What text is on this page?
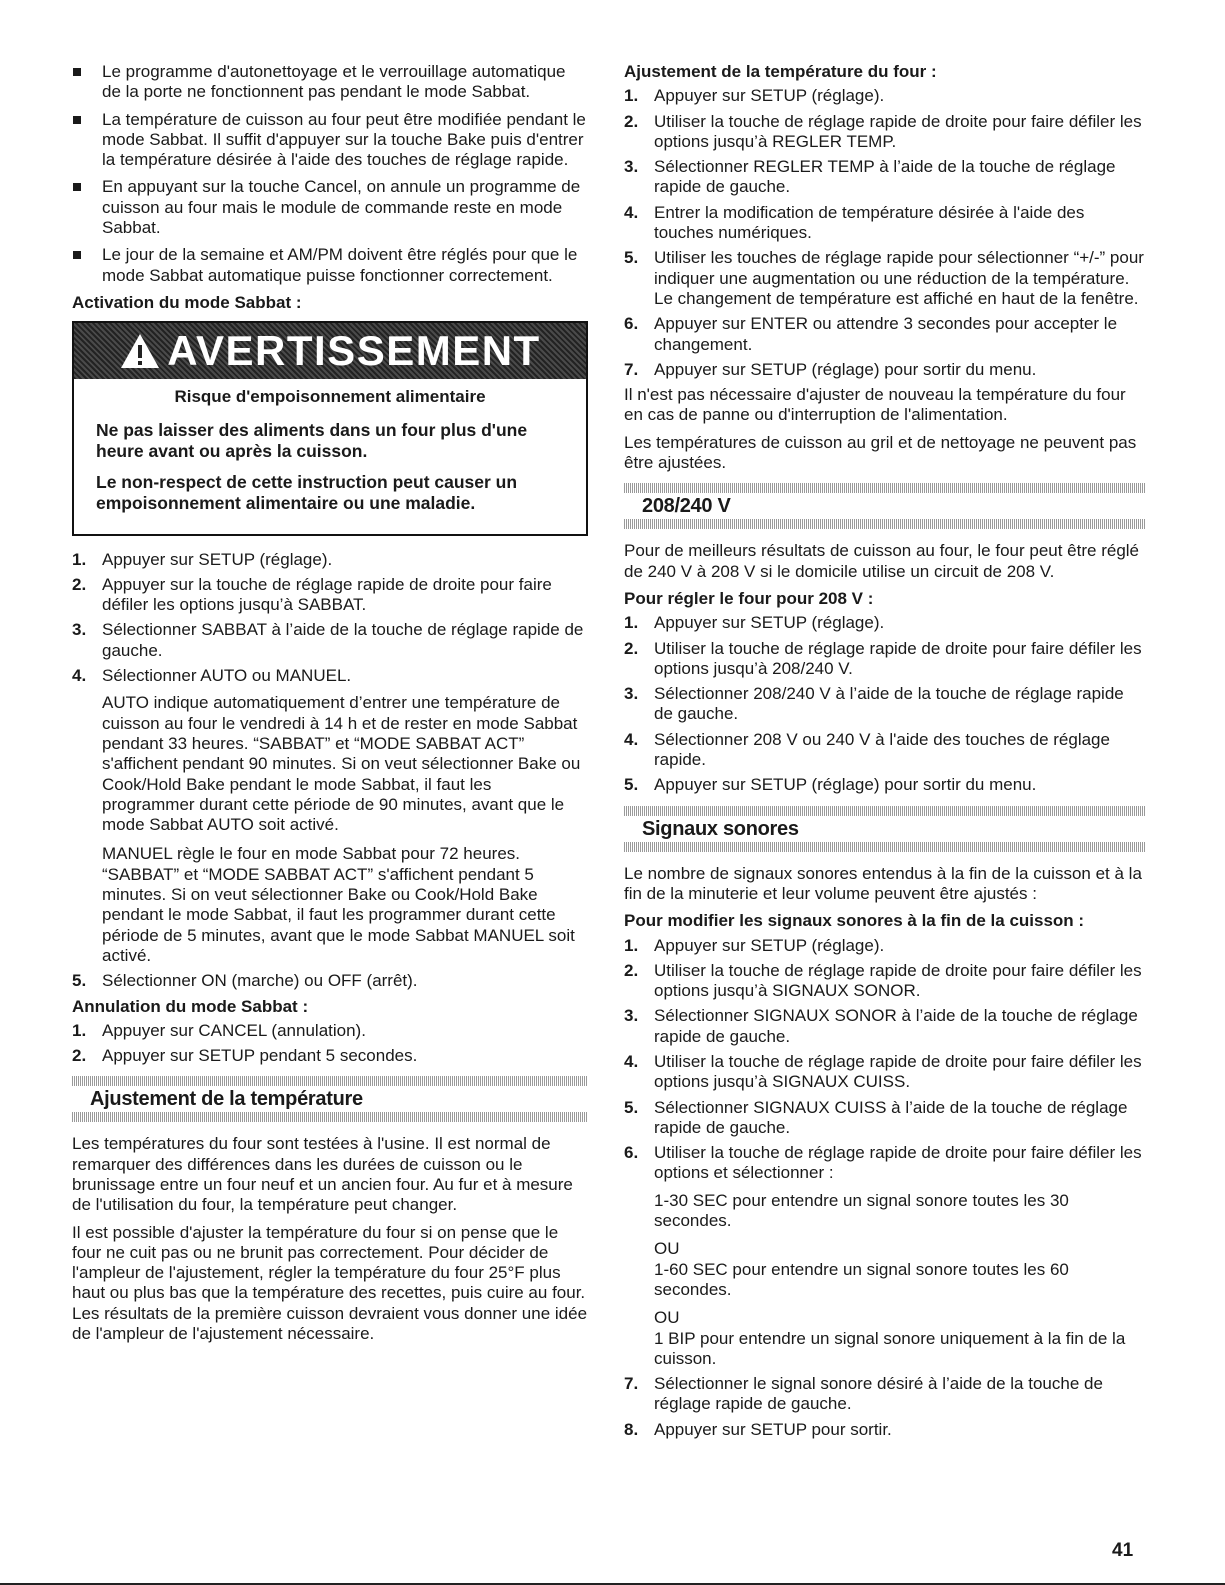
Le programme d'autonettoyage et le verrouillage automatique de la porte ne fonctionnent pas pendant le mode Sabbat.
La température de cuisson au four peut être modifiée pendant le mode Sabbat. Il suffit d'appuyer sur la touche Bake puis d'entrer la température désirée à l'aide des touches de réglage rapide.
En appuyant sur la touche Cancel, on annule un programme de cuisson au four mais le module de commande reste en mode Sabbat.
Le jour de la semaine et AM/PM doivent être réglés pour que le mode Sabbat automatique puisse fonctionner correctement.

Activation du mode Sabbat :

AVERTISSEMENT
Risque d'empoisonnement alimentaire
Ne pas laisser des aliments dans un four plus d'une heure avant ou après la cuisson.
Le non-respect de cette instruction peut causer un empoisonnement alimentaire ou une maladie.
1. Appuyer sur SETUP (réglage).
2. Appuyer sur la touche de réglage rapide de droite pour faire défiler les options jusqu’à SABBAT.
3. Sélectionner SABBAT à l’aide de la touche de réglage rapide de gauche.
4. Sélectionner AUTO ou MANUEL.

AUTO indique automatiquement d’entrer une température de cuisson au four le vendredi à 14 h et de rester en mode Sabbat pendant 33 heures. “SABBAT” et “MODE SABBAT ACT” s'affichent pendant 90 minutes. Si on veut sélectionner Bake ou Cook/Hold Bake pendant le mode Sabbat, il faut les programmer durant cette période de 90 minutes, avant que le mode Sabbat AUTO soit activé.

MANUEL règle le four en mode Sabbat pour 72 heures. “SABBAT” et “MODE SABBAT ACT” s'affichent pendant 5 minutes. Si on veut sélectionner Bake ou Cook/Hold Bake pendant le mode Sabbat, il faut les programmer durant cette période de 5 minutes, avant que le mode Sabbat MANUEL soit activé.

5. Sélectionner ON (marche) ou OFF (arrêt).

Annulation du mode Sabbat :

1. Appuyer sur CANCEL (annulation).
2. Appuyer sur SETUP pendant 5 secondes.
Ajustement de la température

Les températures du four sont testées à l'usine. Il est normal de remarquer des différences dans les durées de cuisson ou le brunissage entre un four neuf et un ancien four. Au fur et à mesure de l'utilisation du four, la température peut changer.

Il est possible d'ajuster la température du four si on pense que le four ne cuit pas ou ne brunit pas correctement. Pour décider de l'ampleur de l'ajustement, régler la température du four 25°F plus haut ou plus bas que la température des recettes, puis cuire au four. Les résultats de la première cuisson devraient vous donner une idée de l'ampleur de l'ajustement nécessaire.

Ajustement de la température du four :

1. Appuyer sur SETUP (réglage).
2. Utiliser la touche de réglage rapide de droite pour faire défiler les options jusqu’à REGLER TEMP.
3. Sélectionner REGLER TEMP à l’aide de la touche de réglage rapide de gauche.
4. Entrer la modification de température désirée à l'aide des touches numériques.
5. Utiliser les touches de réglage rapide pour sélectionner “+/-” pour indiquer une augmentation ou une réduction de la température. Le changement de température est affiché en haut de la fenêtre.
6. Appuyer sur ENTER ou attendre 3 secondes pour accepter le changement.
7. Appuyer sur SETUP (réglage) pour sortir du menu.

Il n'est pas nécessaire d'ajuster de nouveau la température du four en cas de panne ou d'interruption de l'alimentation.

Les températures de cuisson au gril et de nettoyage ne peuvent pas être ajustées.

208/240 V

Pour de meilleurs résultats de cuisson au four, le four peut être réglé de 240 V à 208 V si le domicile utilise un circuit de 208 V.

Pour régler le four pour 208 V :

1. Appuyer sur SETUP (réglage).
2. Utiliser la touche de réglage rapide de droite pour faire défiler les options jusqu’à 208/240 V.
3. Sélectionner 208/240 V à l’aide de la touche de réglage rapide de gauche.
4. Sélectionner 208 V ou 240 V à l'aide des touches de réglage rapide.
5. Appuyer sur SETUP (réglage) pour sortir du menu.
Signaux sonores

Le nombre de signaux sonores entendus à la fin de la cuisson et à la fin de la minuterie et leur volume peuvent être ajustés :

Pour modifier les signaux sonores à la fin de la cuisson :

1. Appuyer sur SETUP (réglage).
2. Utiliser la touche de réglage rapide de droite pour faire défiler les options jusqu’à SIGNAUX SONOR.
3. Sélectionner SIGNAUX SONOR à l’aide de la touche de réglage rapide de gauche.
4. Utiliser la touche de réglage rapide de droite pour faire défiler les options jusqu’à SIGNAUX CUISS.
5. Sélectionner SIGNAUX CUISS à l’aide de la touche de réglage rapide de gauche.
6. Utiliser la touche de réglage rapide de droite pour faire défiler les options et sélectionner :

1-30 SEC pour entendre un signal sonore toutes les 30 secondes.

OU

1-60 SEC pour entendre un signal sonore toutes les 60 secondes.

OU

1 BIP pour entendre un signal sonore uniquement à la fin de la cuisson.

7. Sélectionner le signal sonore désiré à l’aide de la touche de réglage rapide de gauche.
8. Appuyer sur SETUP pour sortir.
41
